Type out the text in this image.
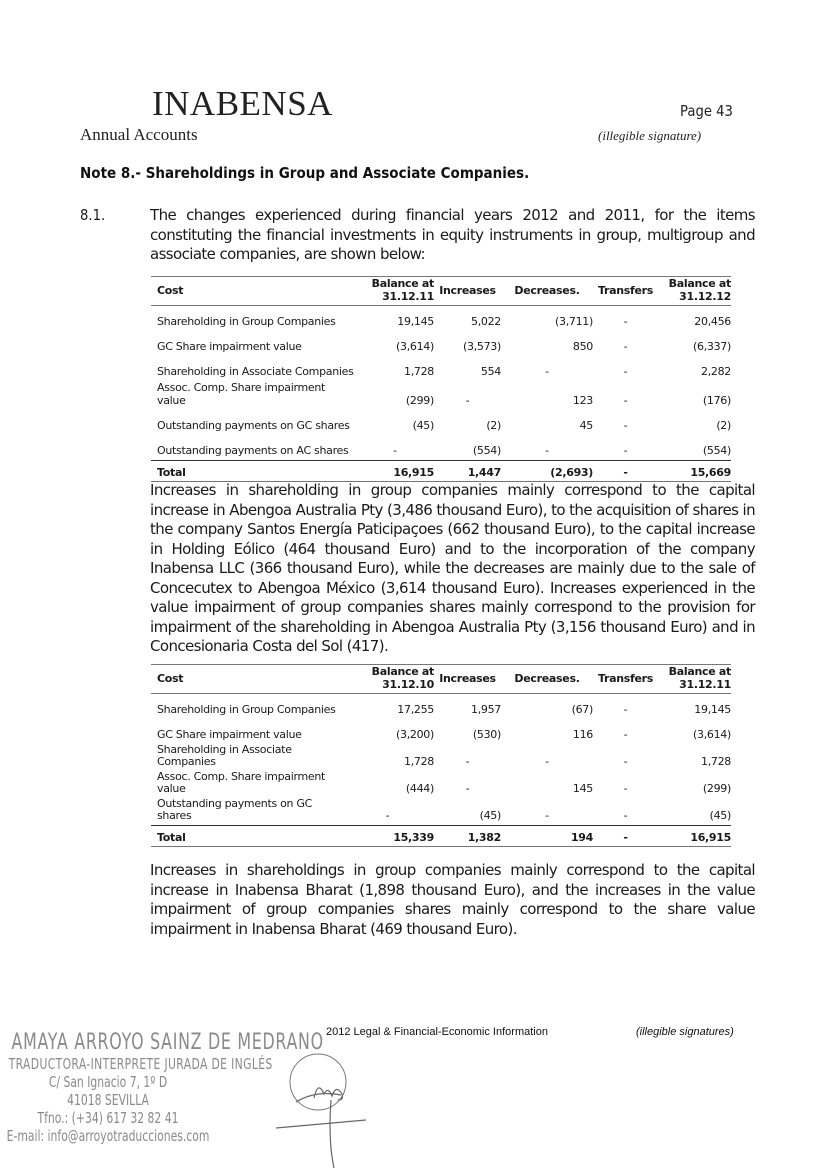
INABENSA
Annual Accounts
Page 43
(illegible signature)
Note 8.- Shareholdings in Group and Associate Companies.
8.1.	The changes experienced during financial years 2012 and 2011, for the items constituting the financial investments in equity instruments in group, multigroup and associate companies, are shown below:
Cost	Balance at 31.12.11	Increases	Decreases.	Transfers	Balance at 31.12.12
Shareholding in Group Companies	19,145	5,022	(3,711)	-	20,456
GC Share impairment value	(3,614)	(3,573)	850	-	(6,337)
Shareholding in Associate Companies	1,728	554	-	-	2,282
Assoc. Comp. Share impairment value	(299)	-	123	-	(176)
Outstanding payments on GC shares	(45)	(2)	45	-	(2)
Outstanding payments on AC shares	-	(554)	-	-	(554)
Total	16,915	1,447	(2,693)	-	15,669
Increases in shareholding in group companies mainly correspond to the capital increase in Abengoa Australia Pty (3,486 thousand Euro), to the acquisition of shares in the company Santos Energía Paticipaçoes (662 thousand Euro), to the capital increase in Holding Eólico (464 thousand Euro) and to the incorporation of the company Inabensa LLC (366 thousand Euro), while the decreases are mainly due to the sale of Concecutex to Abengoa México (3,614 thousand Euro). Increases experienced in the value impairment of group companies shares mainly correspond to the provision for impairment of the shareholding in Abengoa Australia Pty (3,156 thousand Euro) and in Concesionaria Costa del Sol (417).
Cost	Balance at 31.12.10	Increases	Decreases.	Transfers	Balance at 31.12.11
Shareholding in Group Companies	17,255	1,957	(67)	-	19,145
GC Share impairment value	(3,200)	(530)	116	-	(3,614)
Shareholding in Associate Companies	1,728	-	-	-	1,728
Assoc. Comp. Share impairment value	(444)	-	145	-	(299)
Outstanding payments on GC shares	-	(45)	-	-	(45)
Total	15,339	1,382	194	-	16,915
Increases in shareholdings in group companies mainly correspond to the capital increase in Inabensa Bharat (1,898 thousand Euro), and the increases in the value impairment of group companies shares mainly correspond to the share value impairment in Inabensa Bharat (469 thousand Euro).
2012 Legal & Financial-Economic Information	(illegible signatures)
AMAYA ARROYO SAINZ DE MEDRANO
TRADUCTORA-INTERPRETE JURADA DE INGLÉS
C/ San Ignacio 7, 1º D
41018 SEVILLA
Tfno.: (+34) 617 32 82 41
E-mail: info@arroyotraducciones.com
